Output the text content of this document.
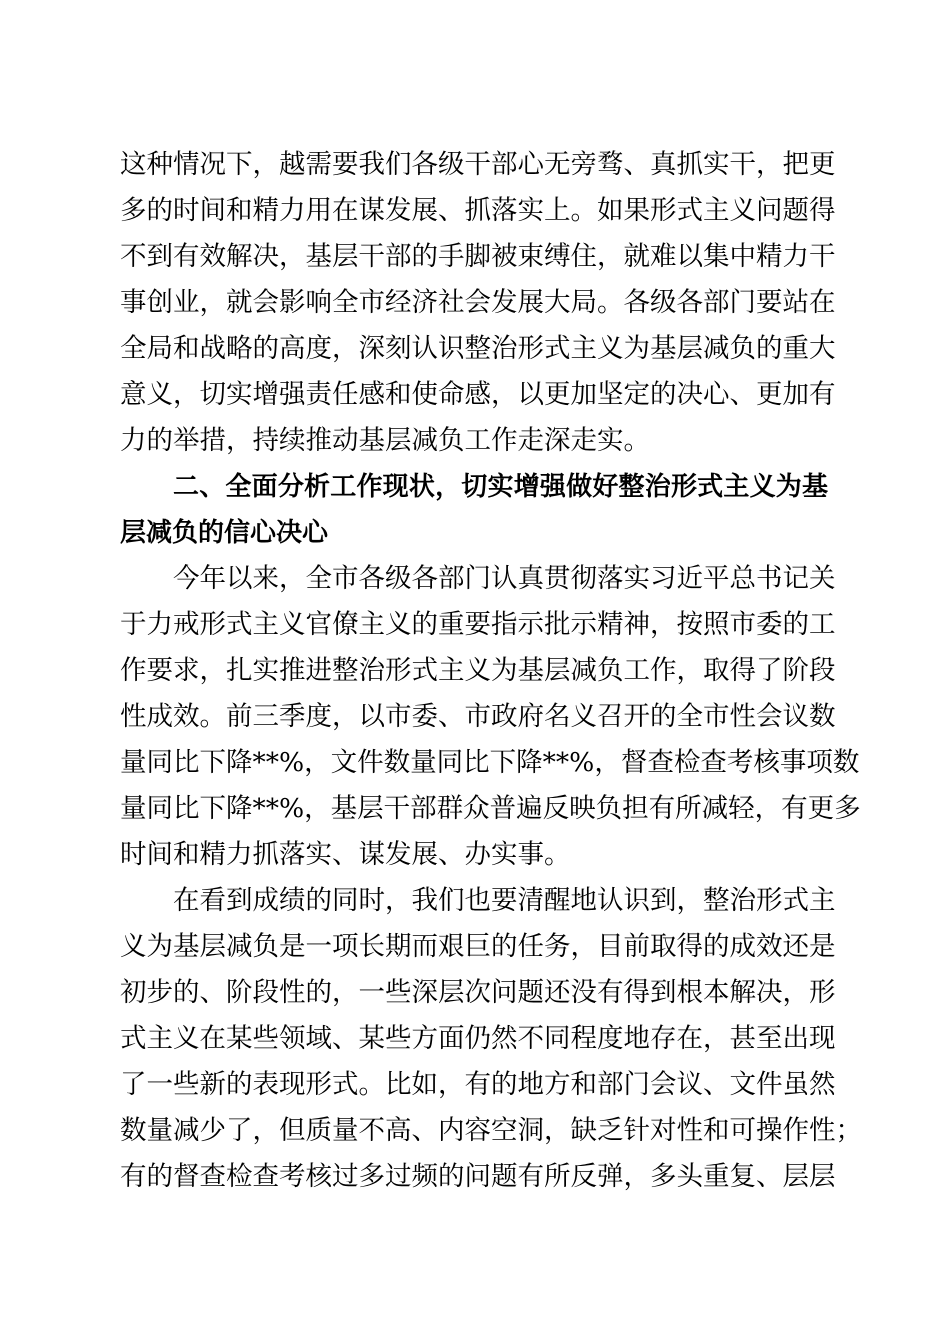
这种情况下，越需要我们各级干部心无旁骛、真抓实干，把更
多的时间和精力用在谋发展、抓落实上。如果形式主义问题得
不到有效解决，基层干部的手脚被束缚住，就难以集中精力干
事创业，就会影响全市经济社会发展大局。各级各部门要站在
全局和战略的高度，深刻认识整治形式主义为基层减负的重大
意义，切实增强责任感和使命感，以更加坚定的决心、更加有
力的举措，持续推动基层减负工作走深走实。
二、全面分析工作现状，切实增强做好整治形式主义为基
层减负的信心决心
今年以来，全市各级各部门认真贯彻落实习近平总书记关
于力戒形式主义官僚主义的重要指示批示精神，按照市委的工
作要求，扎实推进整治形式主义为基层减负工作，取得了阶段
性成效。前三季度，以市委、市政府名义召开的全市性会议数
量同比下降**%，文件数量同比下降**%，督查检查考核事项数
量同比下降**%，基层干部群众普遍反映负担有所减轻，有更多
时间和精力抓落实、谋发展、办实事。
在看到成绩的同时，我们也要清醒地认识到，整治形式主
义为基层减负是一项长期而艰巨的任务，目前取得的成效还是
初步的、阶段性的，一些深层次问题还没有得到根本解决，形
式主义在某些领域、某些方面仍然不同程度地存在，甚至出现
了一些新的表现形式。比如，有的地方和部门会议、文件虽然
数量减少了，但质量不高、内容空洞，缺乏针对性和可操作性；
有的督查检查考核过多过频的问题有所反弹，多头重复、层层
